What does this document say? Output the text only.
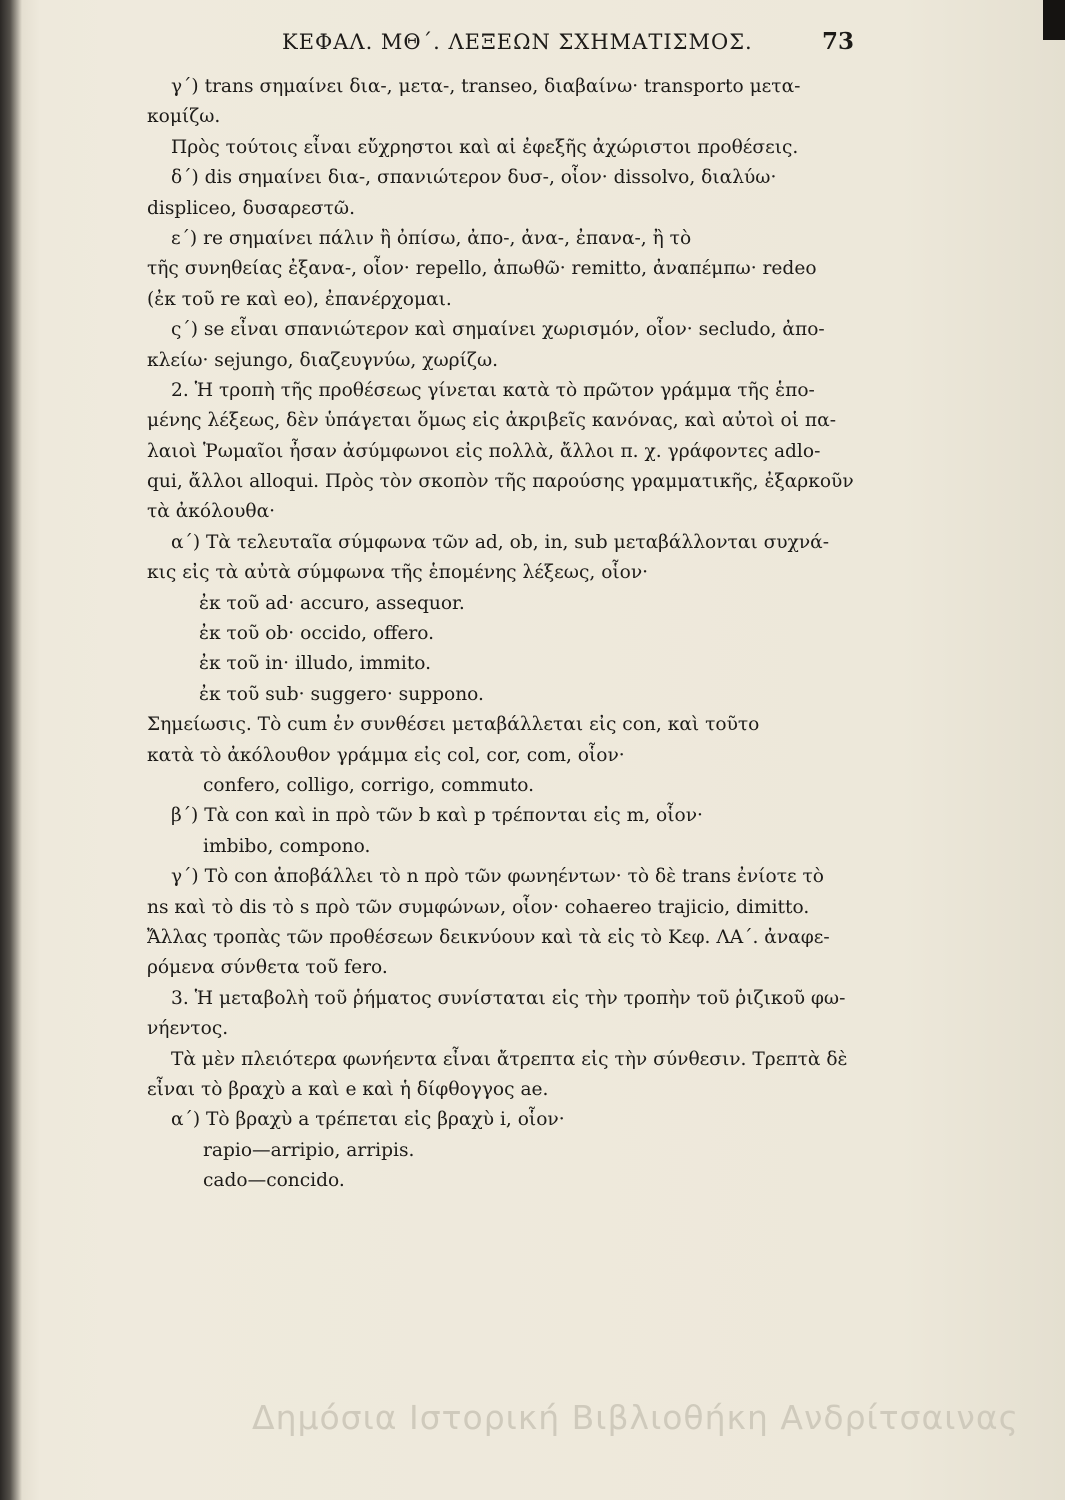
ΚΕΦΑΛ. ΜΘ΄. ΛΕΞΕΩΝ ΣΧΗΜΑΤΙΣΜΟΣ.	73
γ΄) trans σημαίνει δια-, μετα-, transeo, διαβαίνω· transporto μετα-
κομίζω.
Πρὸς τούτοις εἶναι εὔχρηστοι καὶ αἱ ἐφεξῆς ἀχώριστοι προθέσεις.
δ΄) dis σημαίνει δια-, σπανιώτερον δυσ-, οἷον· dissolvo, διαλύω·
displiceo, δυσαρεστῶ.
ε΄) re σημαίνει πάλιν ἢ ὀπίσω, ἀπο-, ἀνα-, ἐπανα-, ἢ τὸ
τῆς συνηθείας ἐξανα-, οἷον· repello, ἀπωθῶ· remitto, ἀναπέμπω· redeo
(ἐκ τοῦ re καὶ eo), ἐπανέρχομαι.
ς΄) se εἶναι σπανιώτερον καὶ σημαίνει χωρισμόν, οἷον· secludo, ἀπο-
κλείω· sejungo, διαζευγνύω, χωρίζω.
2. Ἡ τροπὴ τῆς προθέσεως γίνεται κατὰ τὸ πρῶτον γράμμα τῆς ἑπο-
μένης λέξεως, δὲν ὑπάγεται ὅμως εἰς ἀκριβεῖς κανόνας, καὶ αὐτοὶ οἱ πα-
λαιοὶ Ῥωμαῖοι ἦσαν ἀσύμφωνοι εἰς πολλὰ, ἄλλοι π. χ. γράφοντες adlo-
qui, ἄλλοι alloqui. Πρὸς τὸν σκοπὸν τῆς παρούσης γραμματικῆς, ἐξαρκοῦν
τὰ ἀκόλουθα·
α΄) Τὰ τελευταῖα σύμφωνα τῶν ad, ob, in, sub μεταβάλλονται συχνά-
κις εἰς τὰ αὐτὰ σύμφωνα τῆς ἑπομένης λέξεως, οἷον·
ἐκ τοῦ ad· accuro, assequor.
ἐκ τοῦ ob· occido, offero.
ἐκ τοῦ in· illudo, immito.
ἐκ τοῦ sub· suggero· suppono.
Σημείωσις. Τὸ cum ἐν συνθέσει μεταβάλλεται εἰς con, καὶ τοῦτο
κατὰ τὸ ἀκόλουθον γράμμα εἰς col, cor, com, οἷον·
confero, colligo, corrigo, commuto.
β΄) Τὰ con καὶ in πρὸ τῶν b καὶ p τρέπονται εἰς m, οἷον·
imbibo, compono.
γ΄) Τὸ con ἀποβάλλει τὸ n πρὸ τῶν φωνηέντων· τὸ δὲ trans ἐνίοτε τὸ
ns καὶ τὸ dis τὸ s πρὸ τῶν συμφώνων, οἷον· cohaereo trajicio, dimitto.
Ἄλλας τροπὰς τῶν προθέσεων δεικνύουν καὶ τὰ εἰς τὸ Κεφ. ΛΑ΄. ἀναφε-
ρόμενα σύνθετα τοῦ fero.
3. Ἡ μεταβολὴ τοῦ ῥήματος συνίσταται εἰς τὴν τροπὴν τοῦ ῥιζικοῦ φω-
νήεντος.
Τὰ μὲν πλειότερα φωνήεντα εἶναι ἄτρεπτα εἰς τὴν σύνθεσιν. Τρεπτὰ δὲ
εἶναι τὸ βραχὺ a καὶ e καὶ ἡ δίφθογγος ae.
α΄) Τὸ βραχὺ a τρέπεται εἰς βραχὺ i, οἷον·
rapio—arripio, arripis.
cado—concido.
Δημόσια Ιστορική Βιβλιοθήκη Ανδρίτσαινας
